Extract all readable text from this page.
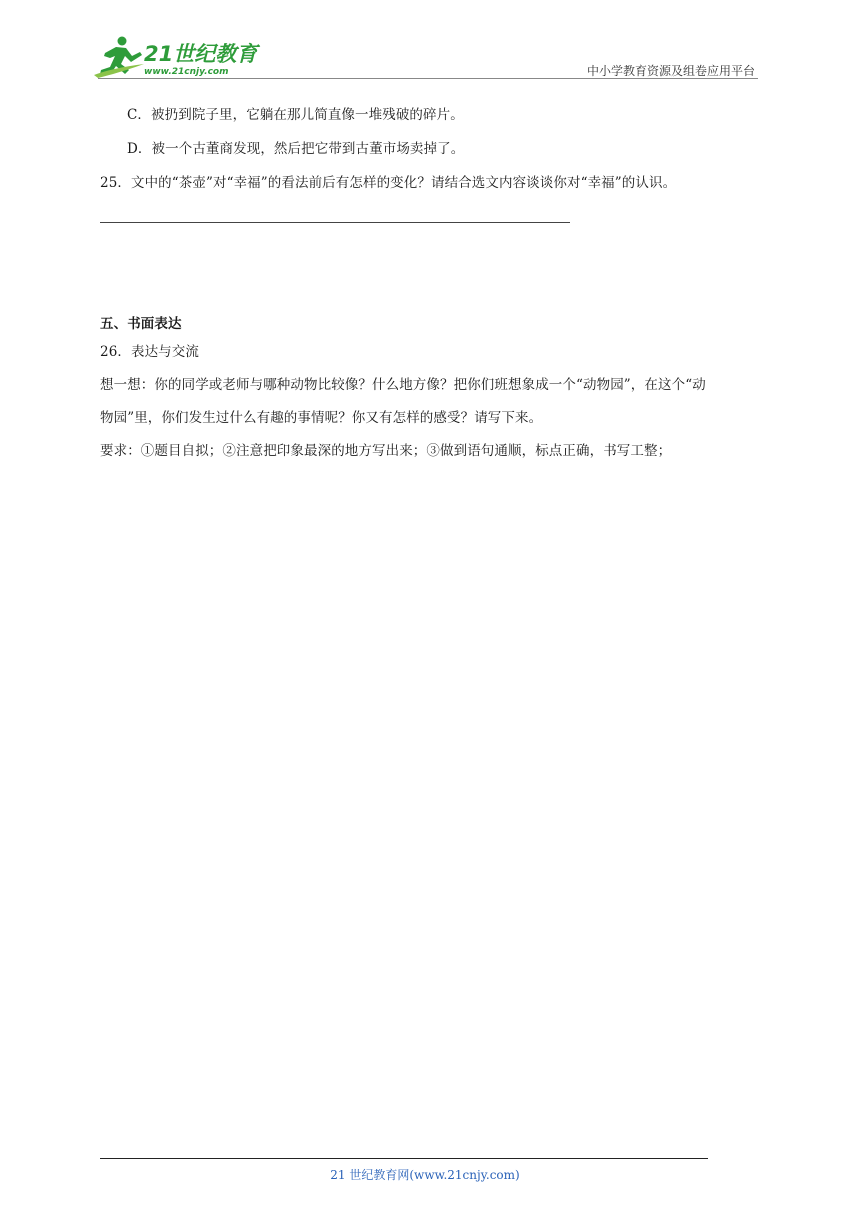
21世纪教育
www.21cnjy.com	中小学教育资源及组卷应用平台
C．被扔到院子里，它躺在那儿简直像一堆残破的碎片。
D．被一个古董商发现，然后把它带到古董市场卖掉了。
25．文中的“茶壶”对“幸福”的看法前后有怎样的变化？请结合选文内容谈谈你对“幸福”的认识。
五、书面表达
26．表达与交流
想一想：你的同学或老师与哪种动物比较像？什么地方像？把你们班想象成一个“动物园”，在这个“动
物园”里，你们发生过什么有趣的事情呢？你又有怎样的感受？请写下来。
要求：①题目自拟；②注意把印象最深的地方写出来；③做到语句通顺，标点正确，书写工整；
21 世纪教育网(www.21cnjy.com)
